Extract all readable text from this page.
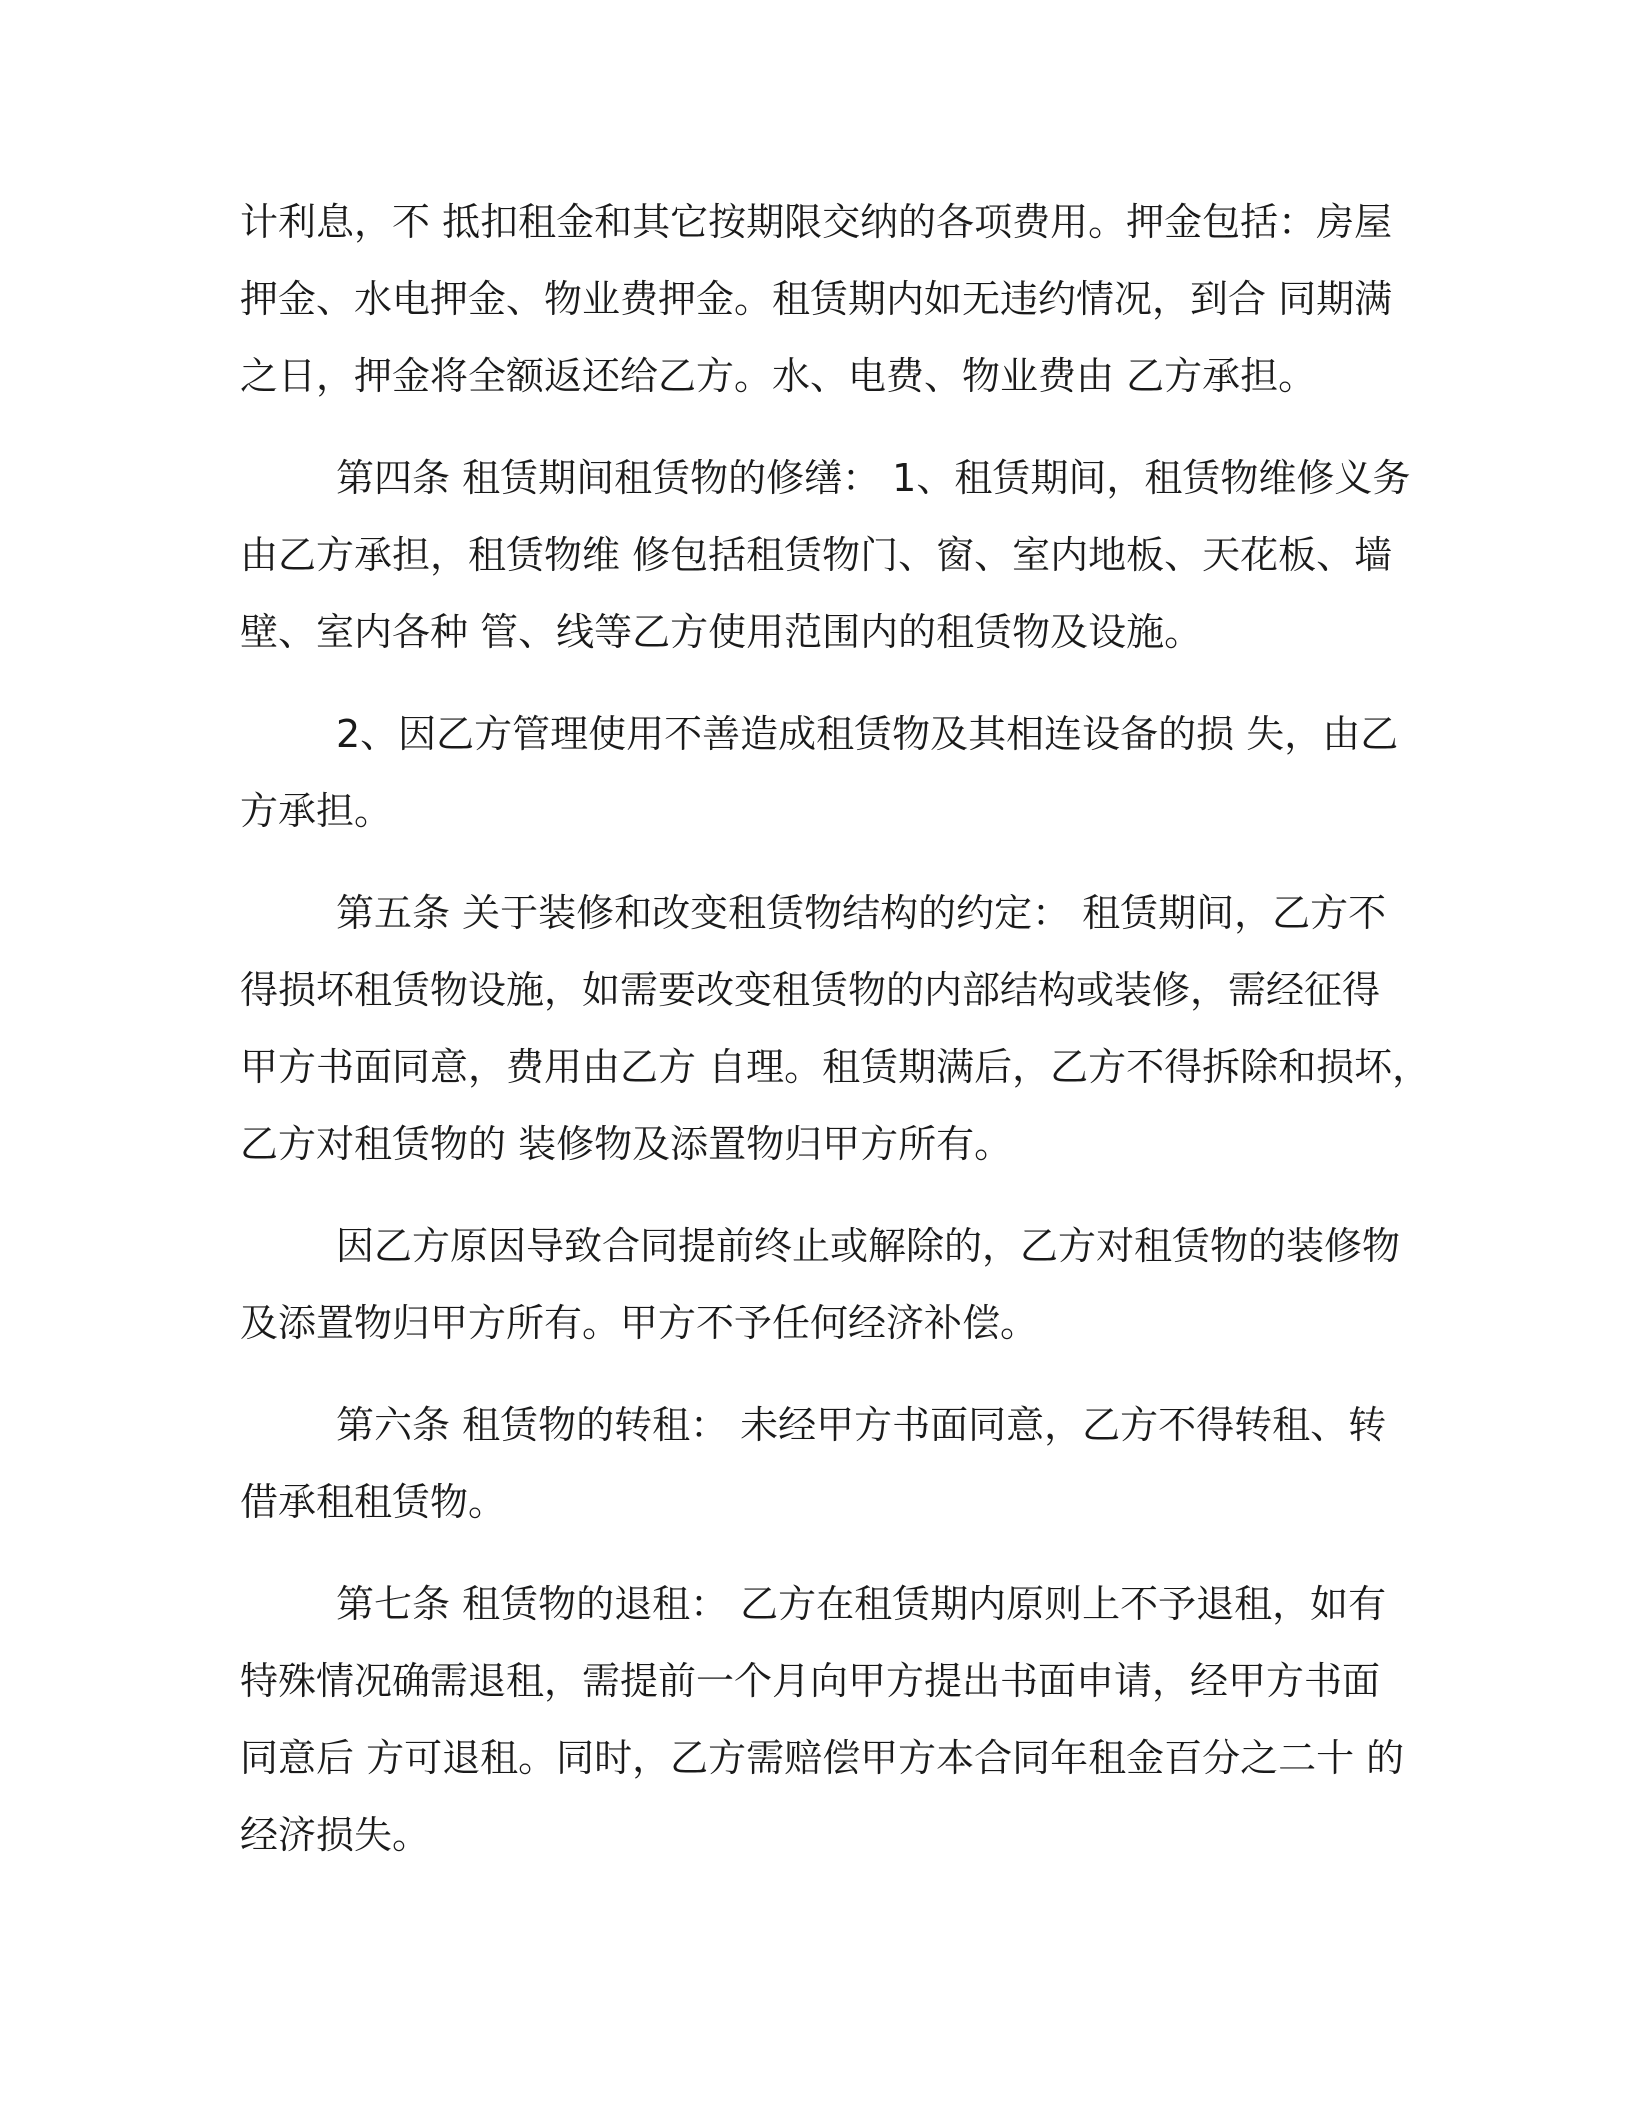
计利息，不 抵扣租金和其它按期限交纳的各项费用。押金包括：房屋
押金、水电押金、物业费押金。租赁期内如无违约情况，到合 同期满
之日，押金将全额返还给乙方。水、电费、物业费由 乙方承担。
第四条 租赁期间租赁物的修缮： 1、租赁期间，租赁物维修义务
由乙方承担，租赁物维 修包括租赁物门、窗、室内地板、天花板、墙
壁、室内各种 管、线等乙方使用范围内的租赁物及设施。
2、因乙方管理使用不善造成租赁物及其相连设备的损 失，由乙
方承担。
第五条 关于装修和改变租赁物结构的约定： 租赁期间，乙方不
得损坏租赁物设施，如需要改变租赁物的内部结构或装修，需经征得
甲方书面同意，费用由乙方 自理。租赁期满后，乙方不得拆除和损坏，
乙方对租赁物的 装修物及添置物归甲方所有。
因乙方原因导致合同提前终止或解除的，乙方对租赁物的装修物
及添置物归甲方所有。甲方不予任何经济补偿。
第六条 租赁物的转租： 未经甲方书面同意，乙方不得转租、转
借承租租赁物。
第七条 租赁物的退租： 乙方在租赁期内原则上不予退租，如有
特殊情况确需退租，需提前一个月向甲方提出书面申请，经甲方书面
同意后 方可退租。同时，乙方需赔偿甲方本合同年租金百分之二十 的
经济损失。
